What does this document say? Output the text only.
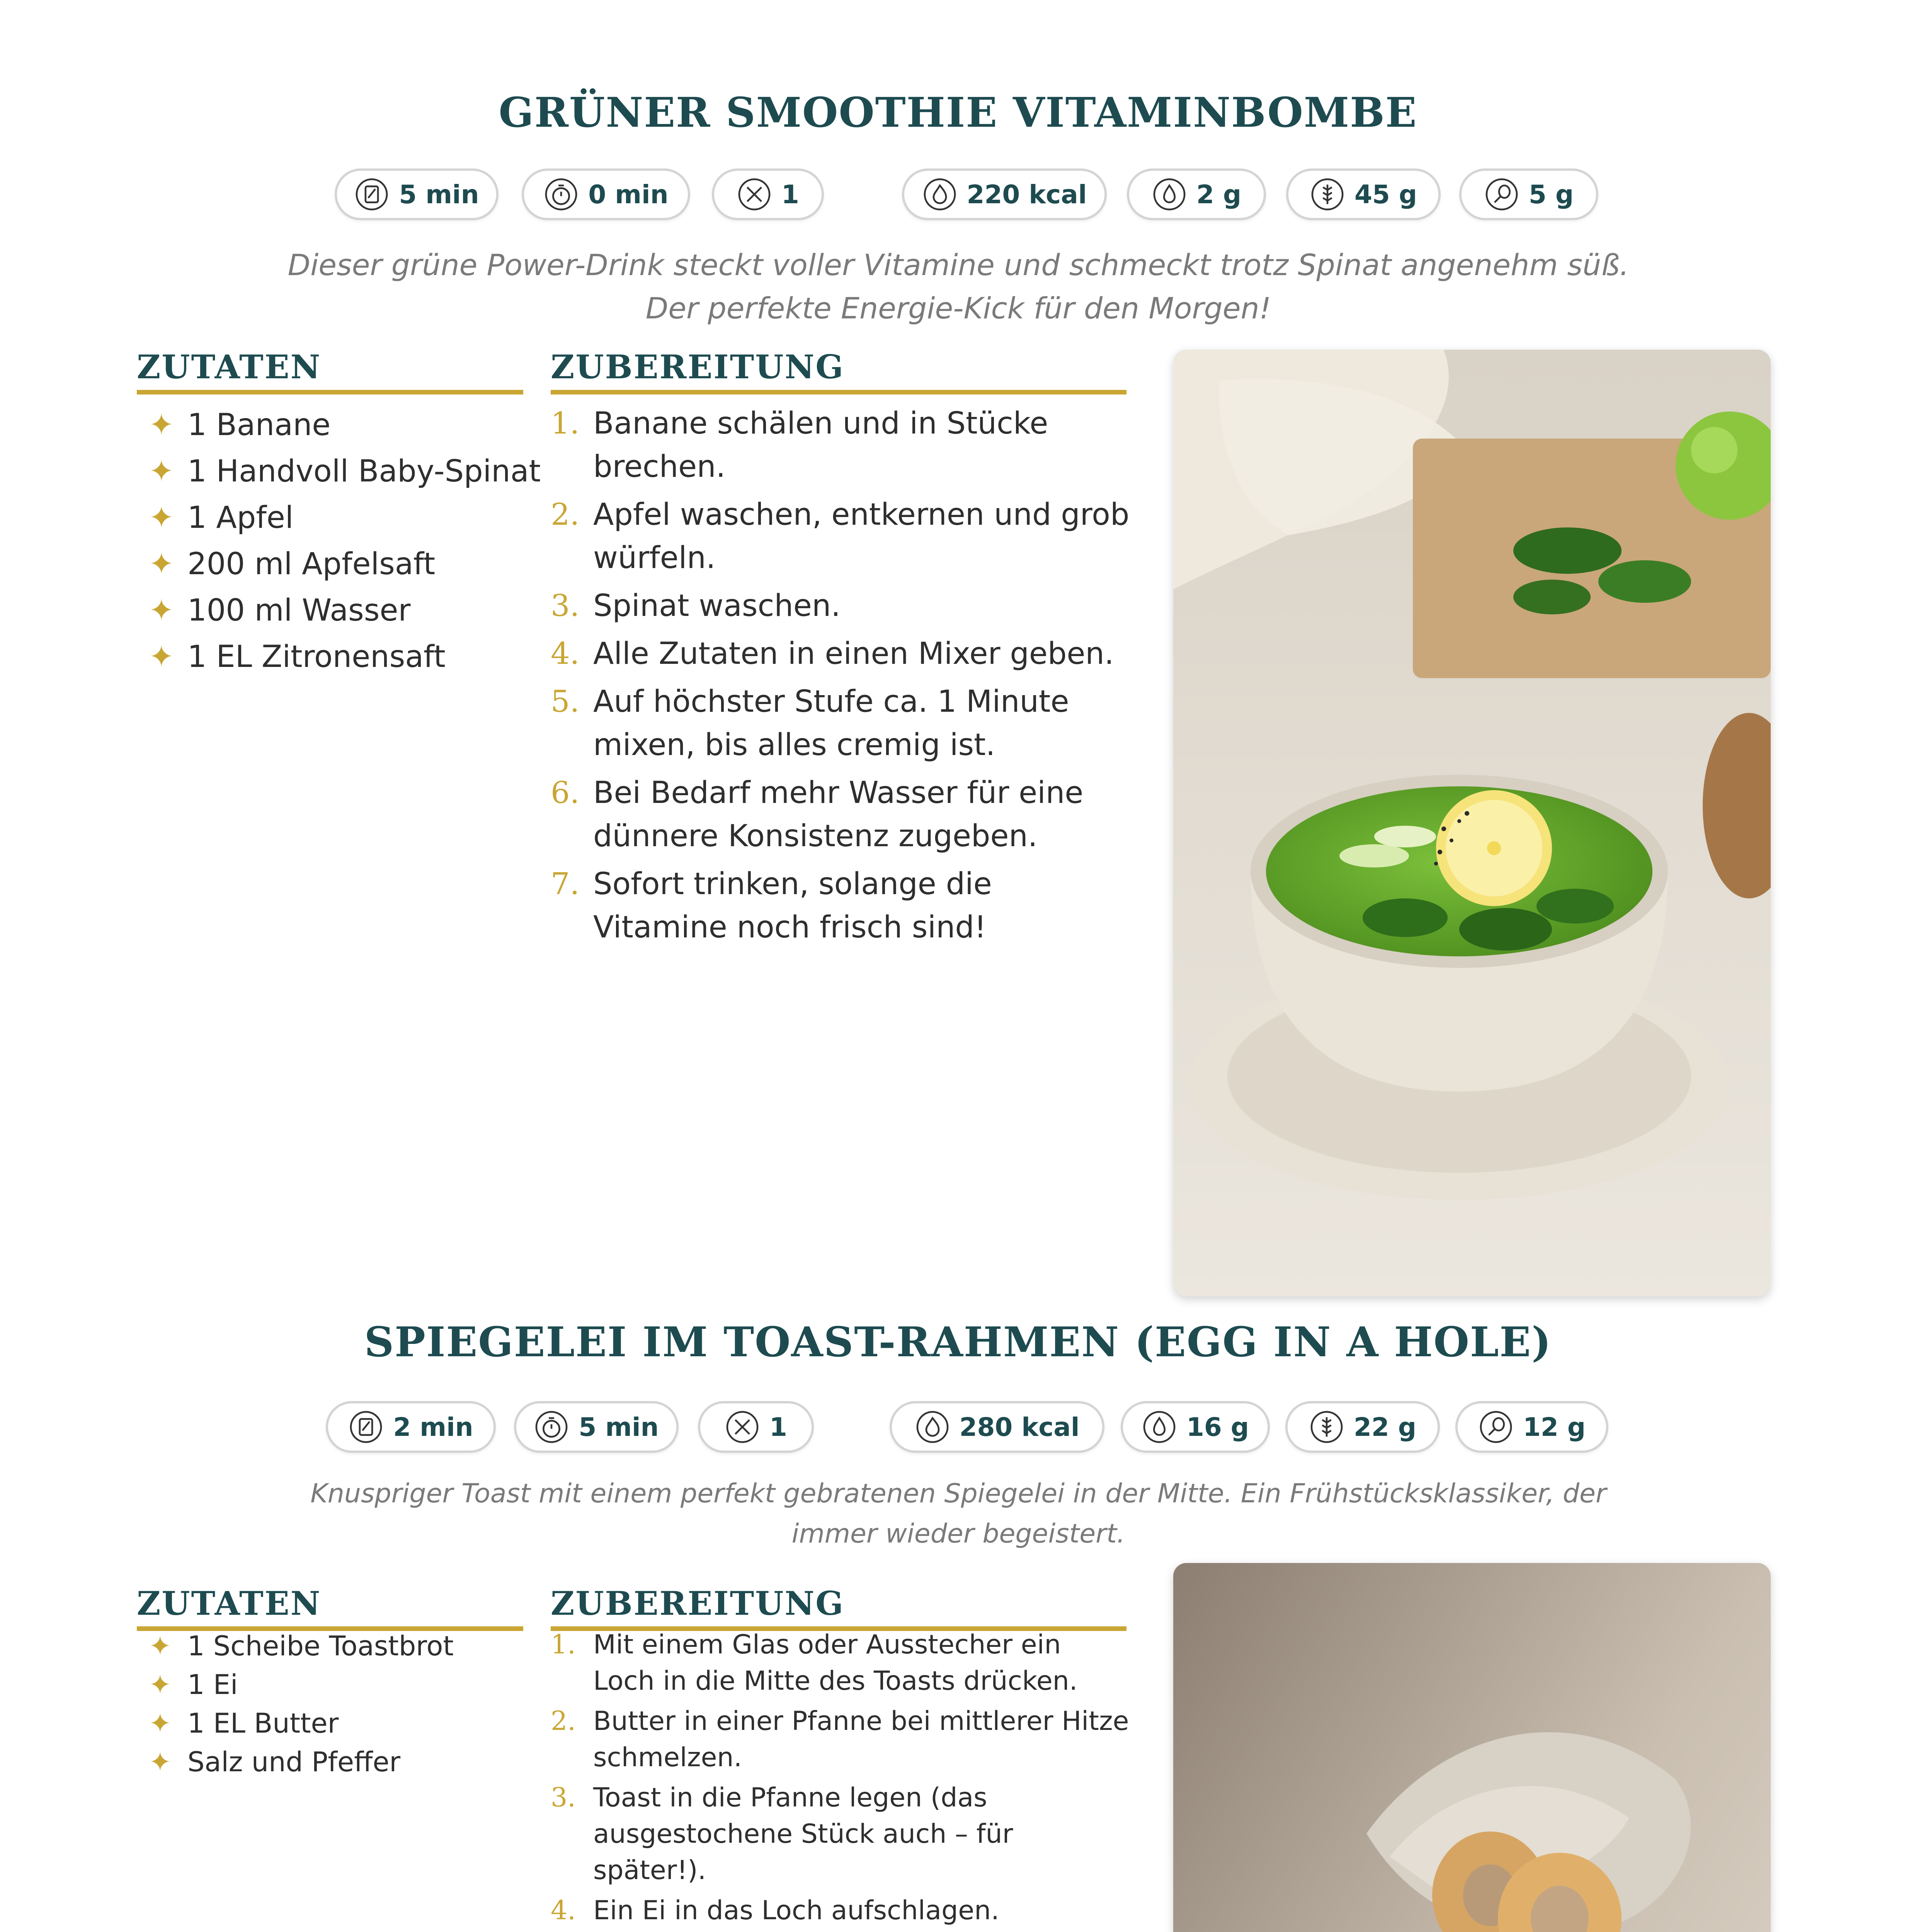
GRÜNER SMOOTHIE VITAMINBOMBE
5 min	0 min	1	220 kcal	2 g	45 g	5 g
Dieser grüne Power-Drink steckt voller Vitamine und schmeckt trotz Spinat angenehm süß. Der perfekte Energie-Kick für den Morgen!
ZUTATEN	ZUBEREITUNG
✦ 1 Banane
✦ 1 Handvoll Baby-Spinat
✦ 1 Apfel
✦ 200 ml Apfelsaft
✦ 100 ml Wasser
✦ 1 EL Zitronensaft
1. Banane schälen und in Stücke brechen.
2. Apfel waschen, entkernen und grob würfeln.
3. Spinat waschen.
4. Alle Zutaten in einen Mixer geben.
5. Auf höchster Stufe ca. 1 Minute mixen, bis alles cremig ist.
6. Bei Bedarf mehr Wasser für eine dünnere Konsistenz zugeben.
7. Sofort trinken, solange die Vitamine noch frisch sind!
SPIEGELEI IM TOAST-RAHMEN (EGG IN A HOLE)
2 min	5 min	1	280 kcal	16 g	22 g	12 g
Knuspriger Toast mit einem perfekt gebratenen Spiegelei in der Mitte. Ein Frühstücksklassiker, der immer wieder begeistert.
ZUTATEN	ZUBEREITUNG
✦ 1 Scheibe Toastbrot
✦ 1 Ei
✦ 1 EL Butter
✦ Salz und Pfeffer
1. Mit einem Glas oder Ausstecher ein Loch in die Mitte des Toasts drücken.
2. Butter in einer Pfanne bei mittlerer Hitze schmelzen.
3. Toast in die Pfanne legen (das ausgestochene Stück auch – für später!).
4. Ein Ei in das Loch aufschlagen.
